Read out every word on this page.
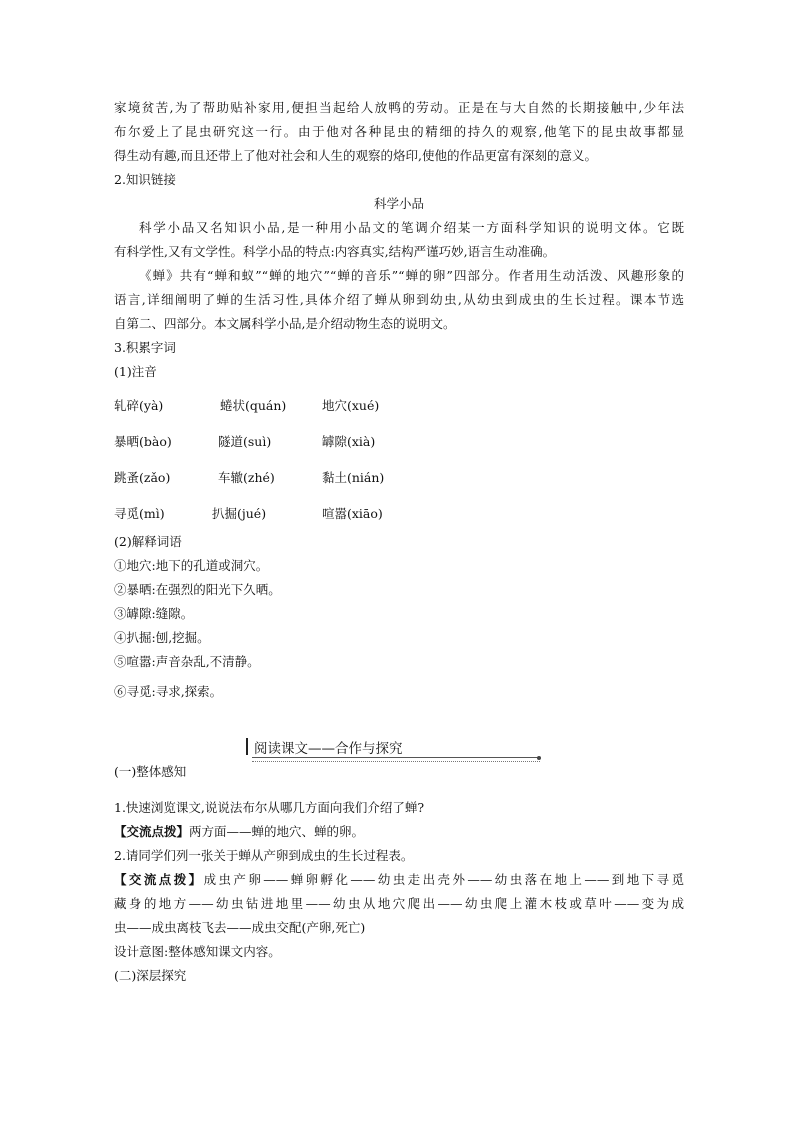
家境贫苦,为了帮助贴补家用,便担当起给人放鸭的劳动。正是在与大自然的长期接触中,少年法
布尔爱上了昆虫研究这一行。由于他对各种昆虫的精细的持久的观察,他笔下的昆虫故事都显
得生动有趣,而且还带上了他对社会和人生的观察的烙印,使他的作品更富有深刻的意义。
2.知识链接
科学小品
科学小品又名知识小品,是一种用小品文的笔调介绍某一方面科学知识的说明文体。它既
有科学性,又有文学性。科学小品的特点:内容真实,结构严谨巧妙,语言生动准确。
《蝉》共有“蝉和蚁”“蝉的地穴”“蝉的音乐”“蝉的卵”四部分。作者用生动活泼、风趣形象的
语言,详细阐明了蝉的生活习性,具体介绍了蝉从卵到幼虫,从幼虫到成虫的生长过程。课本节选
自第二、四部分。本文属科学小品,是介绍动物生态的说明文。
3.积累字词
(1)注音
轧碎(yà)	蜷状(quán)	地穴(xué)
暴晒(bào)	隧道(suì)	罅隙(xià)
跳蚤(zǎo)	车辙(zhé)	黏土(nián)
寻觅(mì)	扒掘(jué)	喧嚣(xiāo)
(2)解释词语
①地穴:地下的孔道或洞穴。
②暴晒:在强烈的阳光下久晒。
③罅隙:缝隙。
④扒掘:刨,挖掘。
⑤喧嚣:声音杂乱,不清静。
⑥寻觅:寻求,探索。
(一)整体感知
1.快速浏览课文,说说法布尔从哪几方面向我们介绍了蝉?
【交流点拨】两方面——蝉的地穴、蝉的卵。
2.请同学们列一张关于蝉从产卵到成虫的生长过程表。
【交流点拨】成虫产卵——蝉卵孵化——幼虫走出壳外——幼虫落在地上——到地下寻觅
藏身的地方——幼虫钻进地里——幼虫从地穴爬出——幼虫爬上灌木枝或草叶——变为成
虫——成虫离枝飞去——成虫交配(产卵,死亡)
设计意图:整体感知课文内容。
(二)深层探究
阅读课文——合作与探究
